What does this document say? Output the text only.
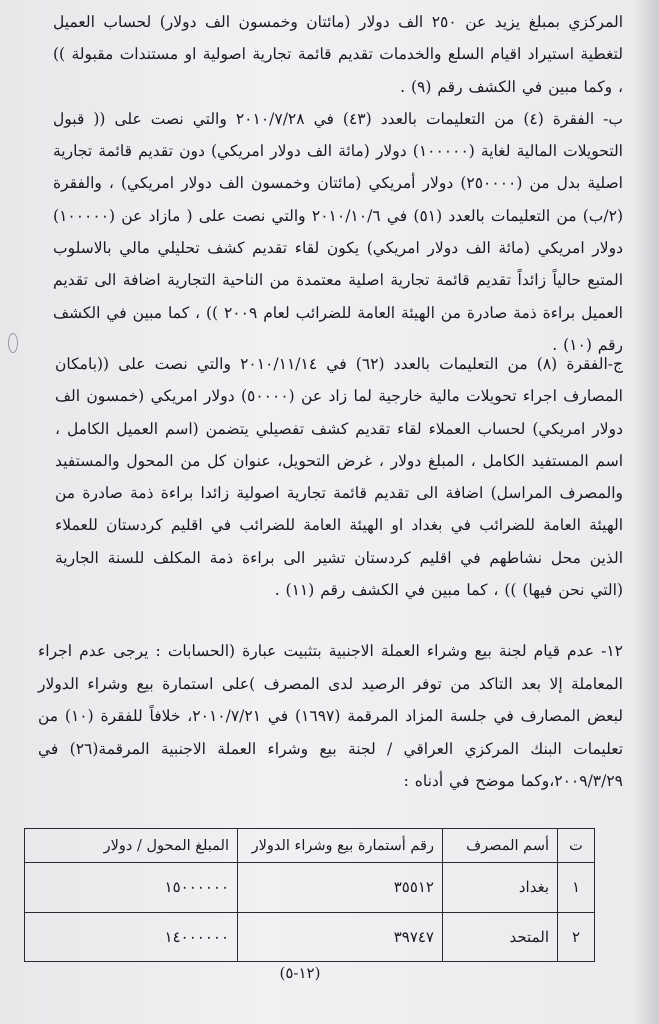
المركزي بمبلغ يزيد عن ٢٥٠ الف دولار (مائتان وخمسون الف دولار) لحساب العميل لتغطية استيراد اقيام السلع والخدمات تقديم قائمة تجارية اصولية او مستندات مقبولة )) ، وكما مبين في الكشف رقم (٩) .

ب- الفقرة (٤) من التعليمات بالعدد (٤٣) في ٢٠١٠/٧/٢٨ والتي نصت على (( قبول التحويلات المالية لغاية (١٠٠٠٠٠) دولار (مائة الف دولار امريكي) دون تقديم قائمة تجارية اصلية بدل من (٢٥٠٠٠٠) دولار أمريكي (مائتان وخمسون الف دولار امريكي) ، والفقرة (٢/ب) من التعليمات بالعدد (٥١) في ٢٠١٠/١٠/٦ والتي نصت على ( مازاد عن (١٠٠٠٠٠) دولار امريكي (مائة الف دولار امريكي) يكون لقاء تقديم كشف تحليلي مالي بالاسلوب المتبع حالياً زائداً تقديم قائمة تجارية اصلية معتمدة من الناحية التجارية اضافة الى تقديم العميل براءة ذمة صادرة من الهيئة العامة للضرائب لعام ٢٠٠٩ )) ، كما مبين في الكشف رقم (١٠) .

ج-الفقرة (٨) من التعليمات بالعدد (٦٢) في ٢٠١٠/١١/١٤ والتي نصت على ((بامكان المصارف اجراء تحويلات مالية خارجية لما زاد عن (٥٠٠٠٠) دولار امريكي (خمسون الف دولار امريكي) لحساب العملاء لقاء تقديم كشف تفصيلي يتضمن (اسم العميل الكامل ، اسم المستفيد الكامل ، المبلغ دولار ، غرض التحويل، عنوان كل من المحول والمستفيد والمصرف المراسل) اضافة الى تقديم قائمة تجارية اصولية زائدا براءة ذمة صادرة من الهيئة العامة للضرائب في بغداد او الهيئة العامة للضرائب في اقليم كردستان للعملاء الذين محل نشاطهم في اقليم كردستان تشير الى براءة ذمة المكلف للسنة الجارية (التي نحن فيها) )) ، كما مبين في الكشف رقم (١١) .

١٢- عدم قيام لجنة بيع وشراء العملة الاجنبية بتثبيت عبارة (الحسابات : يرجى عدم اجراء المعاملة إلا بعد التاكد من توفر الرصيد لدى المصرف )على استمارة بيع وشراء الدولار لبعض المصارف في جلسة المزاد المرقمة (١٦٩٧) في ٢٠١٠/٧/٢١، خلافاً للفقرة (١٠) من تعليمات البنك المركزي العراقي / لجنة بيع وشراء العملة الاجنبية المرقمة(٢٦) في ٢٠٠٩/٣/٢٩،وكما موضح في أدناه :

ت	أسم المصرف	رقم أستمارة بيع وشراء الدولار	المبلغ المحول / دولار
١	بغداد	٣٥٥١٢	١٥٠٠٠٠٠٠
٢	المتحد	٣٩٧٤٧	١٤٠٠٠٠٠٠
(١٢-٥)
